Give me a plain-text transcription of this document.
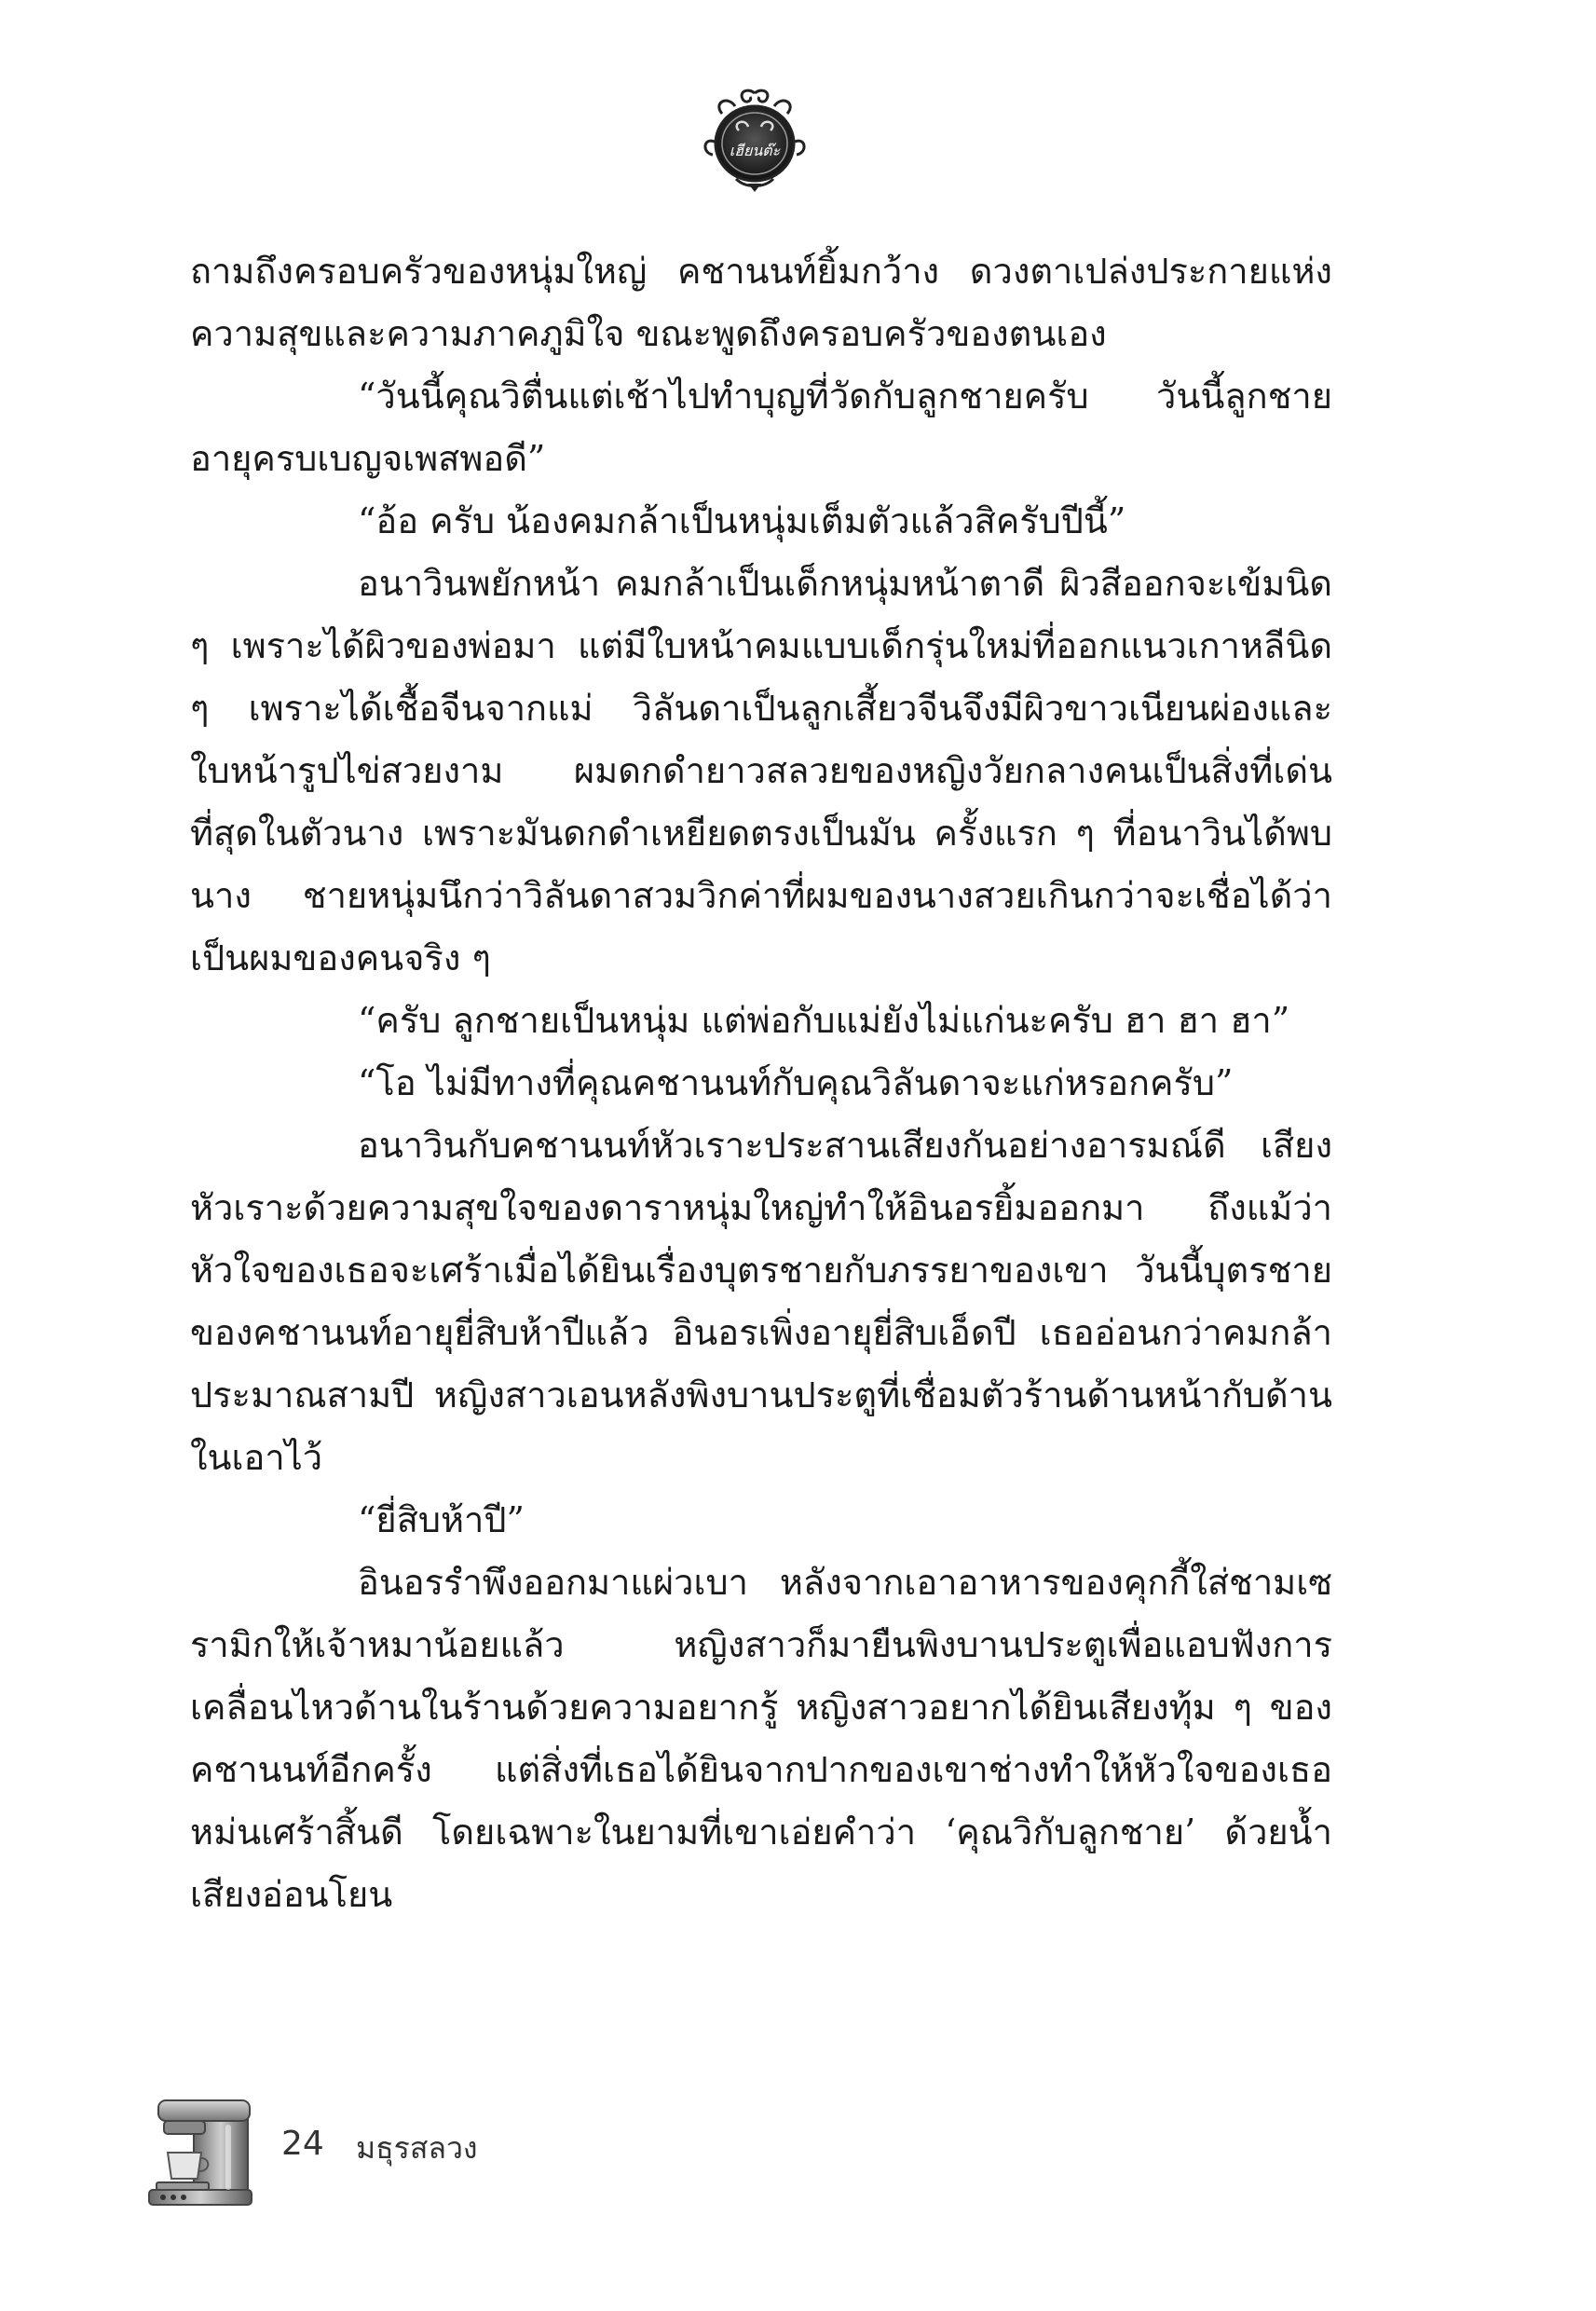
เฮียนต๊ะ

ถามถึงครอบครัวของหนุ่มใหญ่ คชานนท์ยิ้มกว้าง ดวงตาเปล่งประกายแห่งความสุขและความภาคภูมิใจ ขณะพูดถึงครอบครัวของตนเอง

“วันนี้คุณวิตื่นแต่เช้าไปทำบุญที่วัดกับลูกชายครับ วันนี้ลูกชายอายุครบเบญจเพสพอดี”

“อ้อ ครับ น้องคมกล้าเป็นหนุ่มเต็มตัวแล้วสิครับปีนี้”

อนาวินพยักหน้า คมกล้าเป็นเด็กหนุ่มหน้าตาดี ผิวสีออกจะเข้มนิด ๆ เพราะได้ผิวของพ่อมา แต่มีใบหน้าคมแบบเด็กรุ่นใหม่ที่ออกแนวเกาหลีนิด ๆ เพราะได้เชื้อจีนจากแม่ วิลันดาเป็นลูกเสี้ยวจีนจึงมีผิวขาวเนียนผ่องและใบหน้ารูปไข่สวยงาม ผมดกดำยาวสลวยของหญิงวัยกลางคนเป็นสิ่งที่เด่นที่สุดในตัวนาง เพราะมันดกดำเหยียดตรงเป็นมัน ครั้งแรก ๆ ที่อนาวินได้พบนาง ชายหนุ่มนึกว่าวิลันดาสวมวิกค่าที่ผมของนางสวยเกินกว่าจะเชื่อได้ว่าเป็นผมของคนจริง ๆ

“ครับ ลูกชายเป็นหนุ่ม แต่พ่อกับแม่ยังไม่แก่นะครับ ฮา ฮา ฮา”

“โอ ไม่มีทางที่คุณคชานนท์กับคุณวิลันดาจะแก่หรอกครับ”

อนาวินกับคชานนท์หัวเราะประสานเสียงกันอย่างอารมณ์ดี เสียงหัวเราะด้วยความสุขใจของดาราหนุ่มใหญ่ทำให้อินอรยิ้มออกมา ถึงแม้ว่าหัวใจของเธอจะเศร้าเมื่อได้ยินเรื่องบุตรชายกับภรรยาของเขา วันนี้บุตรชายของคชานนท์อายุยี่สิบห้าปีแล้ว อินอรเพิ่งอายุยี่สิบเอ็ดปี เธออ่อนกว่าคมกล้าประมาณสามปี หญิงสาวเอนหลังพิงบานประตูที่เชื่อมตัวร้านด้านหน้ากับด้านในเอาไว้

“ยี่สิบห้าปี”

อินอรรำพึงออกมาแผ่วเบา หลังจากเอาอาหารของคุกกี้ใส่ชามเซรามิกให้เจ้าหมาน้อยแล้ว หญิงสาวก็มายืนพิงบานประตูเพื่อแอบฟังการเคลื่อนไหวด้านในร้านด้วยความอยากรู้ หญิงสาวอยากได้ยินเสียงทุ้ม ๆ ของคชานนท์อีกครั้ง แต่สิ่งที่เธอได้ยินจากปากของเขาช่างทำให้หัวใจของเธอหม่นเศร้าสิ้นดี โดยเฉพาะในยามที่เขาเอ่ยคำว่า ‘คุณวิกับลูกชาย’ ด้วยน้ำเสียงอ่อนโยน

24 มธุรสลวง
